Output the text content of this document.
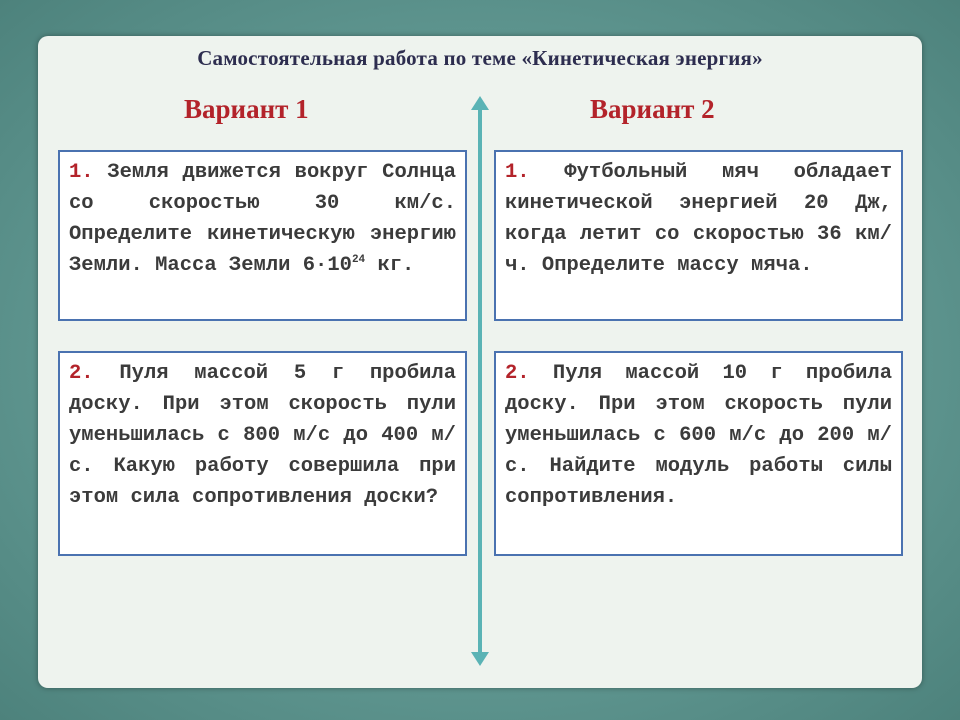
Самостоятельная работа по теме «Кинетическая энергия»
Вариант 1	Вариант 2
1. Земля движется вокруг Солнца со скоростью 30 км/с. Определите кинетическую энергию Земли. Масса Земли $6\cdot 10^{24}$ кг.
1. Футбольный мяч обладает кинетической энергией 20 Дж, когда летит со скоростью 36 км/ч. Определите массу мяча.
2. Пуля массой 5 г пробила доску. При этом скорость пули уменьшилась с 800 м/с до 400 м/с. Какую работу совершила при этом сила сопротивления доски?
2. Пуля массой 10 г пробила доску. При этом скорость пули уменьшилась с 600 м/с до 200 м/с. Найдите модуль работы силы сопротивления.
